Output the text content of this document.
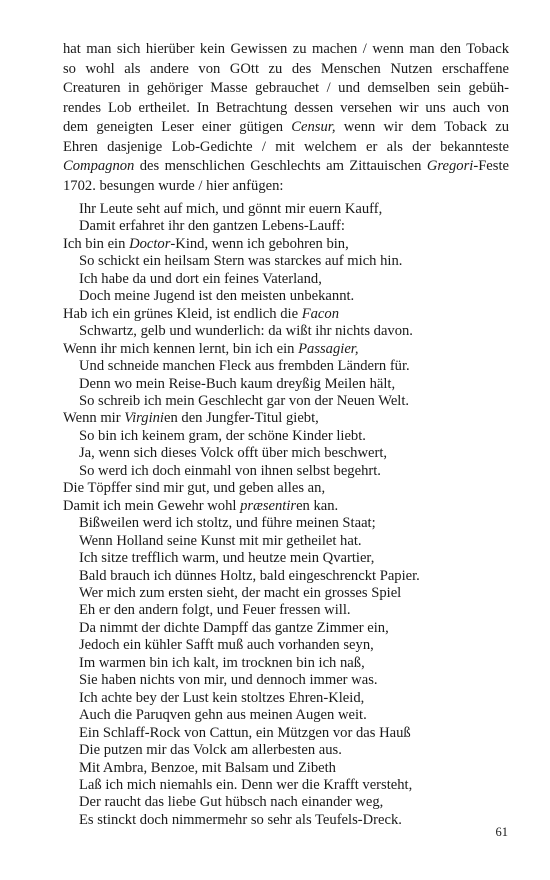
hat man sich hierüber kein Gewissen zu machen / wenn man den Toback
so wohl als andere von GOtt zu des Menschen Nutzen erschaffene
Creaturen in gehöriger Masse gebrauchet / und demselben sein gebüh-
rendes Lob ertheilet. In Betrachtung dessen versehen wir uns auch von
dem geneigten Leser einer gütigen Censur, wenn wir dem Toback zu
Ehren dasjenige Lob-Gedichte / mit welchem er als der bekannteste
Compagnon des menschlichen Geschlechts am Zittauischen Gregori-Feste
1702. besungen wurde / hier anfügen:

Ihr Leute seht auf mich, und gönnt mir euern Kauff,
Damit erfahret ihr den gantzen Lebens-Lauff:
Ich bin ein Doctor-Kind, wenn ich gebohren bin,
So schickt ein heilsam Stern was starckes auf mich hin.
Ich habe da und dort ein feines Vaterland,
Doch meine Jugend ist den meisten unbekannt.
Hab ich ein grünes Kleid, ist endlich die Facon
Schwartz, gelb und wunderlich: da wißt ihr nichts davon.
Wenn ihr mich kennen lernt, bin ich ein Passagier,
Und schneide manchen Fleck aus frembden Ländern für.
Denn wo mein Reise-Buch kaum dreyßig Meilen hält,
So schreib ich mein Geschlecht gar von der Neuen Welt.
Wenn mir Virginien den Jungfer-Titul giebt,
So bin ich keinem gram, der schöne Kinder liebt.
Ja, wenn sich dieses Volck offt über mich beschwert,
So werd ich doch einmahl von ihnen selbst begehrt.
Die Töpffer sind mir gut, und geben alles an,
Damit ich mein Gewehr wohl præsentiren kan.
Bißweilen werd ich stoltz, und führe meinen Staat;
Wenn Holland seine Kunst mit mir getheilet hat.
Ich sitze trefflich warm, und heutze mein Qvartier,
Bald brauch ich dünnes Holtz, bald eingeschrenckt Papier.
Wer mich zum ersten sieht, der macht ein grosses Spiel
Eh er den andern folgt, und Feuer fressen will.
Da nimmt der dichte Dampff das gantze Zimmer ein,
Jedoch ein kühler Safft muß auch vorhanden seyn,
Im warmen bin ich kalt, im trocknen bin ich naß,
Sie haben nichts von mir, und dennoch immer was.
Ich achte bey der Lust kein stoltzes Ehren-Kleid,
Auch die Paruqven gehn aus meinen Augen weit.
Ein Schlaff-Rock von Cattun, ein Mützgen vor das Hauß
Die putzen mir das Volck am allerbesten aus.
Mit Ambra, Benzoe, mit Balsam und Zibeth
Laß ich mich niemahls ein. Denn wer die Krafft versteht,
Der raucht das liebe Gut hübsch nach einander weg,
Es stinckt doch nimmermehr so sehr als Teufels-Dreck.
61
